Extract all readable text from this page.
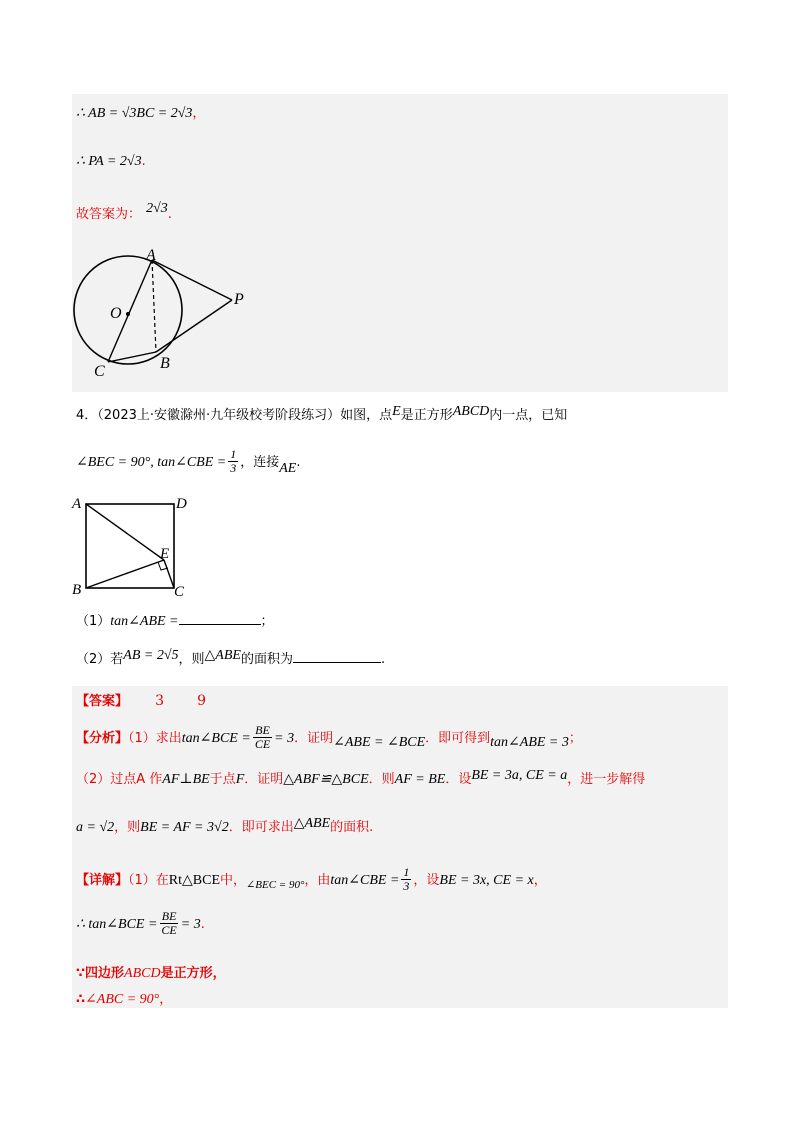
∴ AB = √3BC = 2√3，
∴ PA = 2√3.
故答案为： 2√3.
A
O
P
B
C
4．（2023上·安徽滁州·九年级校考阶段练习）如图，点E是正方形ABCD内一点，已知
∠BEC = 90°, tan∠CBE = $\frac{1}{3}$ ，连接AE.
A	D
E
B	C
（1）tan∠ABE =	；
（2）若AB = 2√5，则△ABE的面积为	.
【答案】 3 9
【分析】（1）求出tan∠BCE = $\frac{BE}{CE} = 3$．证明∠ABE = ∠BCE．即可得到tan∠ABE = 3；
（2）过点A 作AF⊥BE于点F．证明△ABF≌△BCE．则AF = BE．设BE = 3a, CE = a，进一步解得
a = √2，则BE = AF = 3√2．即可求出△ABE的面积.
【详解】（1）在Rt△BCE中，$_{\angle BEC = 90^\circ}$，由tan∠CBE = $\frac{1}{3}$ ，设BE = 3x, CE = x，
∴ tan∠BCE = $\frac{BE}{CE} = 3$.
∵四边形ABCD是正方形，
∴∠ABC = 90°，
